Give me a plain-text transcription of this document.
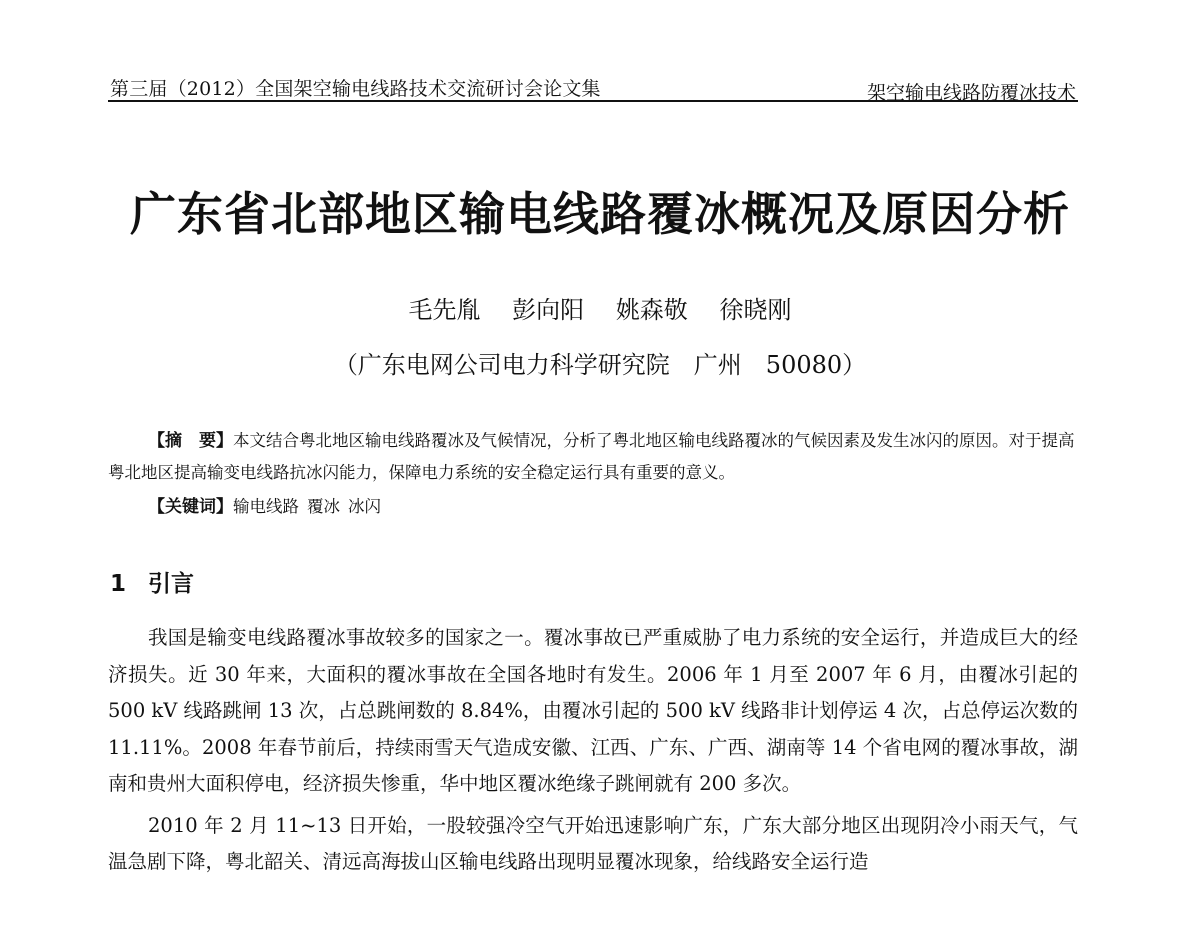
第三届（2012）全国架空输电线路技术交流研讨会论文集	架空输电线路防覆冰技术
广东省北部地区输电线路覆冰概况及原因分析
毛先胤 彭向阳 姚森敬 徐晓刚
（广东电网公司电力科学研究院　广州　50080）

【摘　要】本文结合粤北地区输电线路覆冰及气候情况，分析了粤北地区输电线路覆冰的气候因素及发生冰闪的原因。对于提高粤北地区提高输变电线路抗冰闪能力，保障电力系统的安全稳定运行具有重要的意义。

【关键词】输电线路 覆冰 冰闪
1 引言

我国是输变电线路覆冰事故较多的国家之一。覆冰事故已严重威胁了电力系统的安全运行，并造成巨大的经济损失。近 30 年来，大面积的覆冰事故在全国各地时有发生。2006 年 1 月至 2007 年 6 月，由覆冰引起的 500 kV 线路跳闸 13 次，占总跳闸数的 8.84%，由覆冰引起的 500 kV 线路非计划停运 4 次，占总停运次数的 11.11%。2008 年春节前后，持续雨雪天气造成安徽、江西、广东、广西、湖南等 14 个省电网的覆冰事故，湖南和贵州大面积停电，经济损失惨重，华中地区覆冰绝缘子跳闸就有 200 多次。

2010 年 2 月 11~13 日开始，一股较强冷空气开始迅速影响广东，广东大部分地区出现阴冷小雨天气，气温急剧下降，粤北韶关、清远高海拔山区输电线路出现明显覆冰现象，给线路安全运行造
